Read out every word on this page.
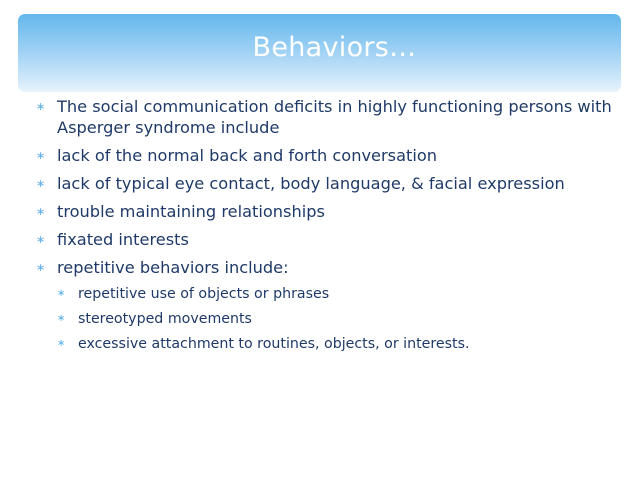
Behaviors…
∗ The social communication deficits in highly functioning persons with Asperger syndrome include
∗ lack of the normal back and forth conversation
∗ lack of typical eye contact, body language, & facial expression
∗ trouble maintaining relationships
∗ fixated interests
∗ repetitive behaviors include:
∗ repetitive use of objects or phrases
∗ stereotyped movements
∗ excessive attachment to routines, objects, or interests.
